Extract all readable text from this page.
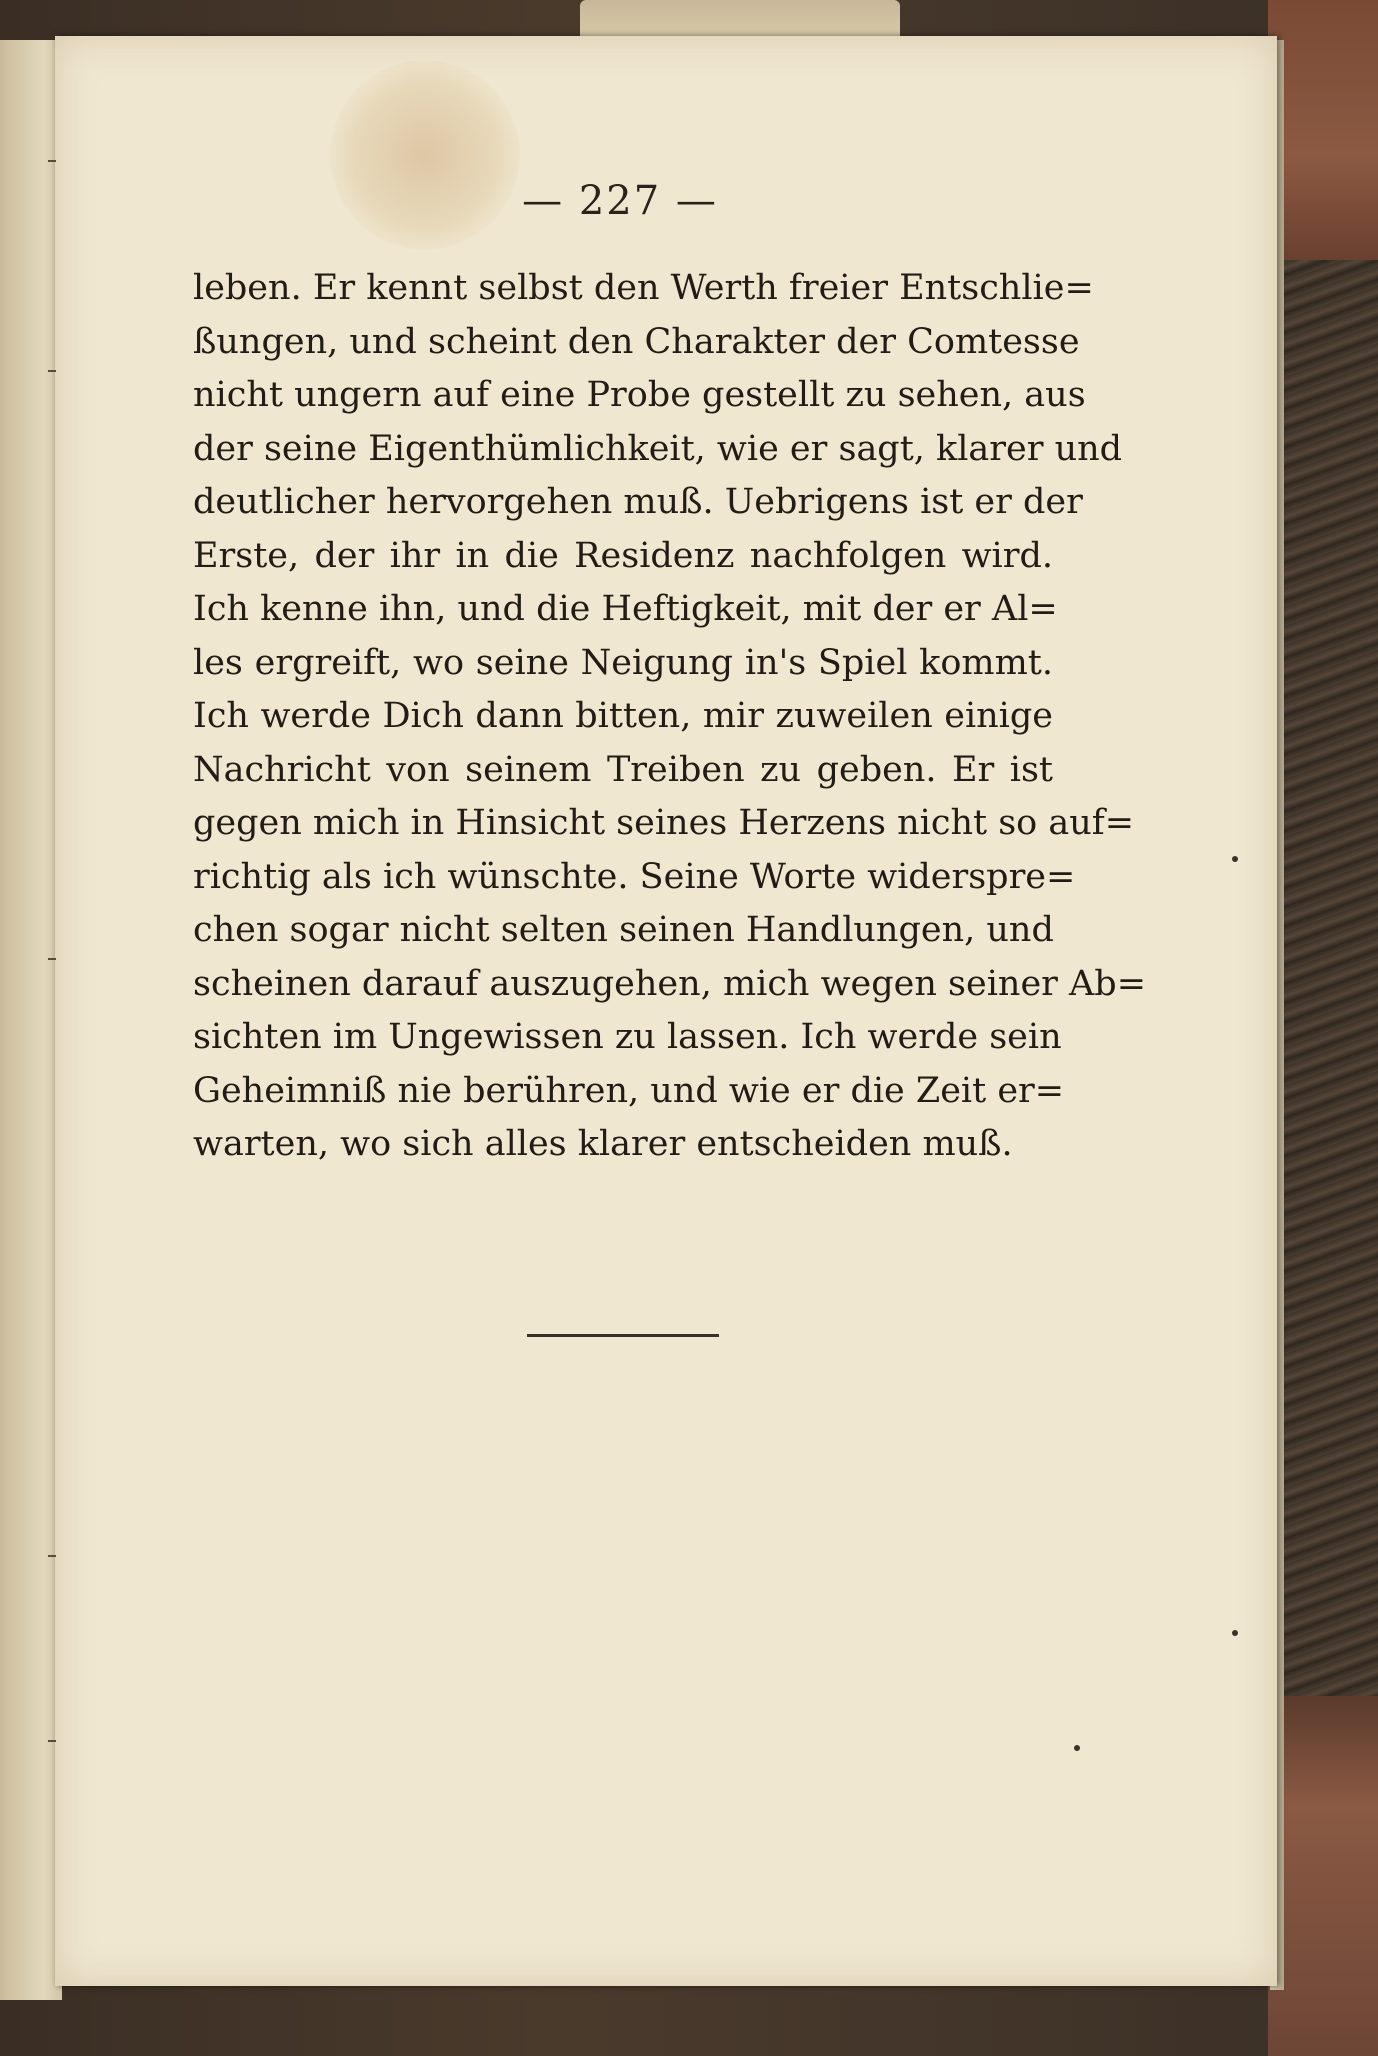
— 227 —
leben. Er kennt selbst den Werth freier Entschlie=
ßungen, und scheint den Charakter der Comtesse
nicht ungern auf eine Probe gestellt zu sehen, aus
der seine Eigenthümlichkeit, wie er sagt, klarer und
deutlicher hervorgehen muß. Uebrigens ist er der
Erste, der ihr in die Residenz nachfolgen wird.
Ich kenne ihn, und die Heftigkeit, mit der er Al=
les ergreift, wo seine Neigung in's Spiel kommt.
Ich werde Dich dann bitten, mir zuweilen einige
Nachricht von seinem Treiben zu geben. Er ist
gegen mich in Hinsicht seines Herzens nicht so auf=
richtig als ich wünschte. Seine Worte widerspre=
chen sogar nicht selten seinen Handlungen, und
scheinen darauf auszugehen, mich wegen seiner Ab=
sichten im Ungewissen zu lassen. Ich werde sein
Geheimniß nie berühren, und wie er die Zeit er=
warten, wo sich alles klarer entscheiden muß.
